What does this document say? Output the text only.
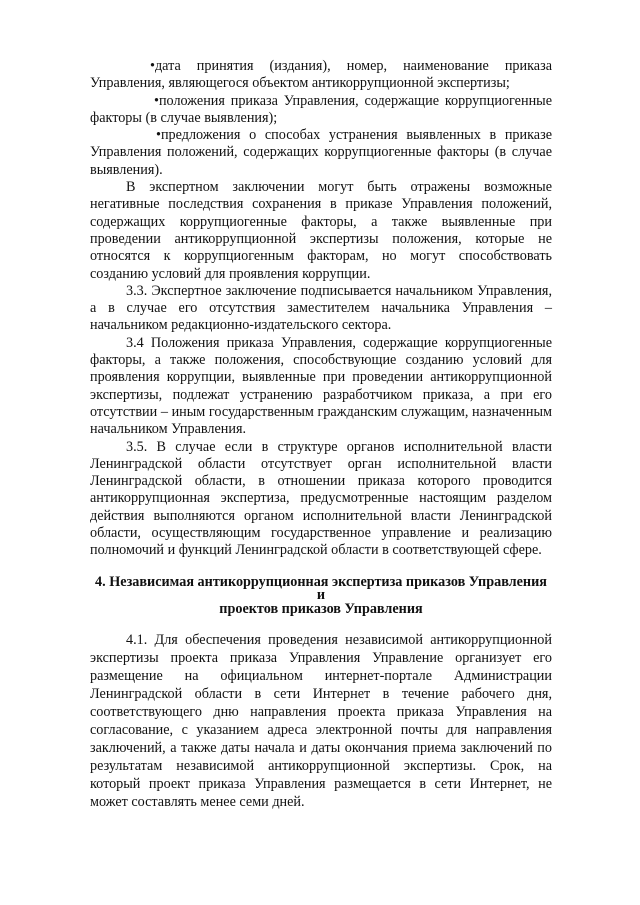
•дата принятия (издания), номер, наименование приказа Управления, являющегося объектом антикоррупционной экспертизы;

•положения приказа Управления, содержащие коррупциогенные факторы (в случае выявления);

•предложения о способах устранения выявленных в приказе Управления положений, содержащих коррупциогенные факторы (в случае выявления).

В экспертном заключении могут быть отражены возможные негативные последствия сохранения в приказе Управления положений, содержащих коррупциогенные факторы, а также выявленные при проведении антикоррупционной экспертизы положения, которые не относятся к коррупциогенным факторам, но могут способствовать созданию условий для проявления коррупции.

3.3. Экспертное заключение подписывается начальником Управления, а в случае его отсутствия заместителем начальника Управления – начальником редакционно-издательского сектора.

3.4 Положения приказа Управления, содержащие коррупциогенные факторы, а также положения, способствующие созданию условий для проявления коррупции, выявленные при проведении антикоррупционной экспертизы, подлежат устранению разработчиком приказа, а при его отсутствии – иным государственным гражданским служащим, назначенным начальником Управления.

3.5. В случае если в структуре органов исполнительной власти Ленинградской области отсутствует орган исполнительной власти Ленинградской области, в отношении приказа которого проводится антикоррупционная экспертиза, предусмотренные настоящим разделом действия выполняются органом исполнительной власти Ленинградской области, осуществляющим государственное управление и реализацию полномочий и функций Ленинградской области в соответствующей сфере.

4. Независимая антикоррупционная экспертиза приказов Управления и
проектов приказов Управления

4.1. Для обеспечения проведения независимой антикоррупционной экспертизы проекта приказа Управления Управление организует его размещение на официальном интернет-портале Администрации Ленинградской области в сети Интернет в течение рабочего дня, соответствующего дню направления проекта приказа Управления на согласование, с указанием адреса электронной почты для направления заключений, а также даты начала и даты окончания приема заключений по результатам независимой антикоррупционной экспертизы. Срок, на который проект приказа Управления размещается в сети Интернет, не может составлять менее семи дней.
